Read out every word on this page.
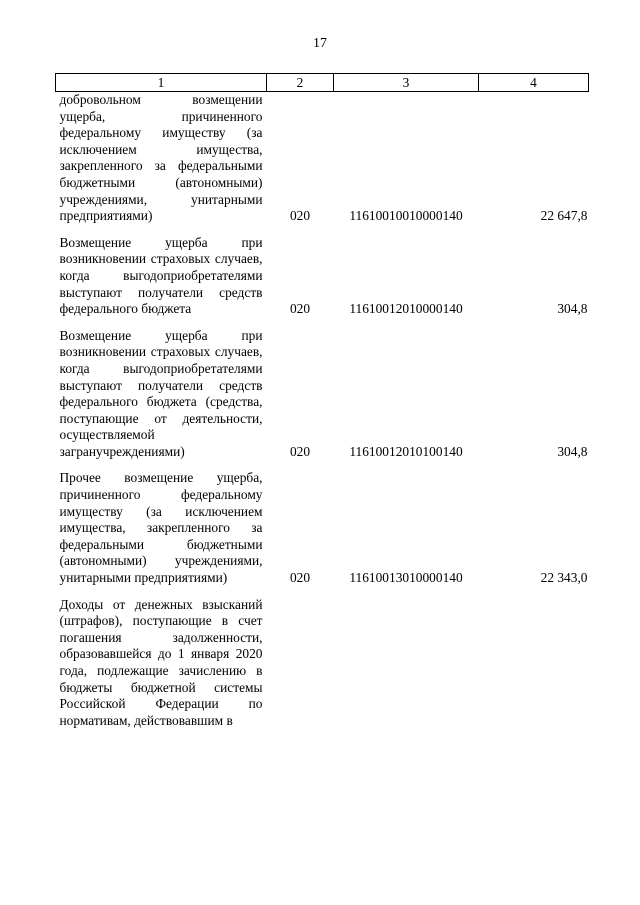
17
1	2	3	4
добровольном возмещении ущерба, причиненного федеральному имуществу (за исключением имущества, закрепленного за федеральными бюджетными (автономными) учреждениями, унитарными предприятиями)	020	11610010010000140	22 647,8
Возмещение ущерба при возникновении страховых случаев, когда выгодоприобретателями выступают получатели средств федерального бюджета	020	11610012010000140	304,8
Возмещение ущерба при возникновении страховых случаев, когда выгодоприобретателями выступают получатели средств федерального бюджета (средства, поступающие от деятельности, осуществляемой загранучреждениями)	020	11610012010100140	304,8
Прочее возмещение ущерба, причиненного федеральному имуществу (за исключением имущества, закрепленного за федеральными бюджетными (автономными) учреждениями, унитарными предприятиями)	020	11610013010000140	22 343,0
Доходы от денежных взысканий (штрафов), поступающие в счет погашения задолженности, образовавшейся до 1 января 2020 года, подлежащие зачислению в бюджеты бюджетной системы Российской Федерации по нормативам, действовавшим в			
